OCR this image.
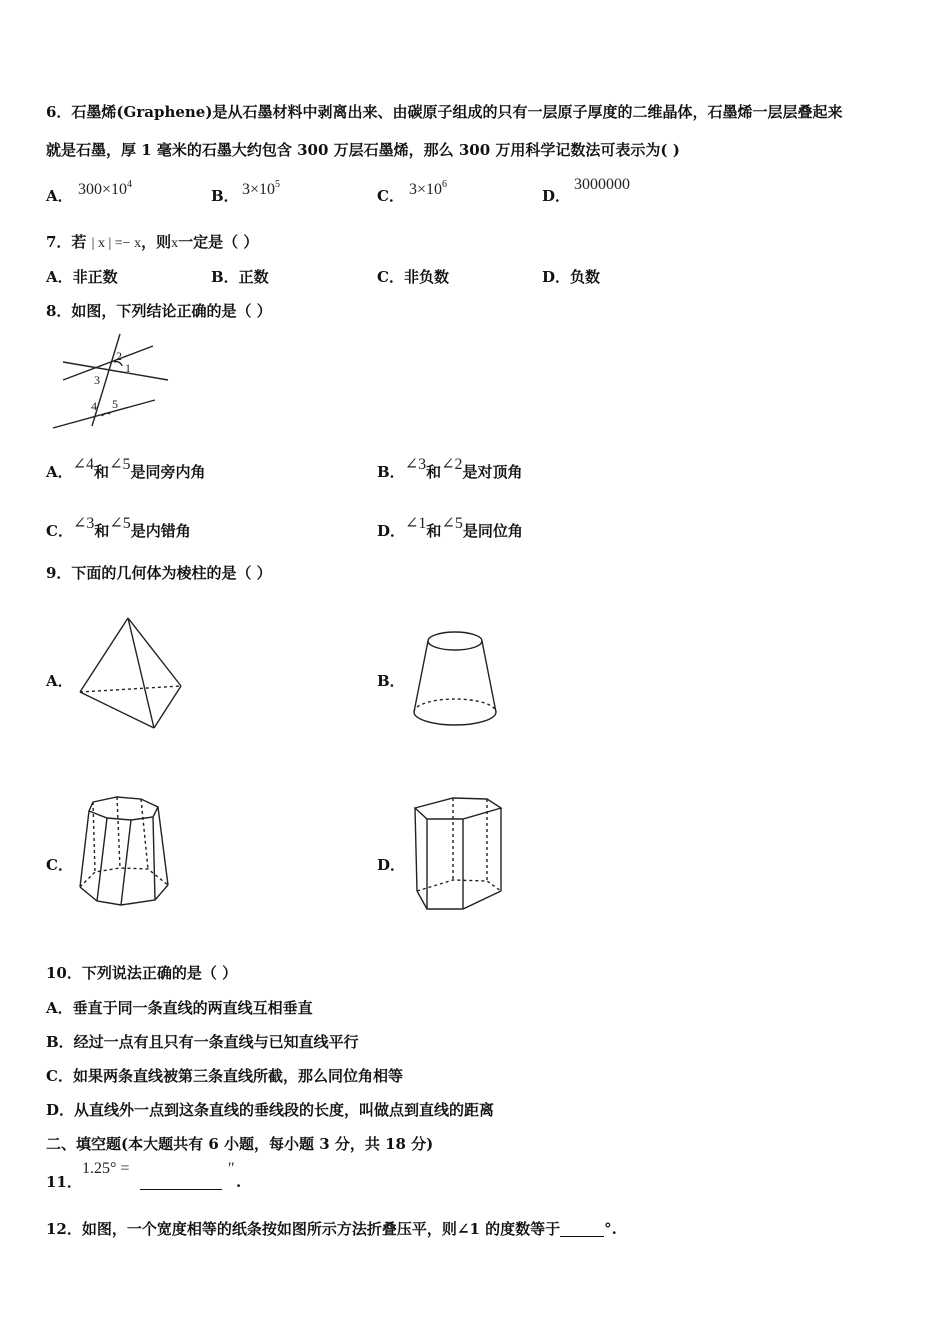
6．石墨烯(Graphene)是从石墨材料中剥离出来、由碳原子组成的只有一层原子厚度的二维晶体，石墨烯一层层叠起来
就是石墨，厚 1 毫米的石墨大约包含 300 万层石墨烯，那么 300 万用科学记数法可表示为( )
A． $300\times 10^4$
B． $3\times 10^5$
C． $3\times 10^6$
D．
3000000
7．若 | x | =− x，则x一定是（ ）
A．非正数	B．正数	C．非负数	D．负数
8．如图，下列结论正确的是（ ）
2
1
3
4 5
A．∠4和∠5是同旁内角	B．∠3和∠2是对顶角
C．∠3和∠5是内错角	D．∠1和∠5是同位角
9．下面的几何体为棱柱的是（ ）
A．	B．
C．	D．
10．下列说法正确的是（ ）
A．垂直于同一条直线的两直线互相垂直
B．经过一点有且只有一条直线与已知直线平行
C．如果两条直线被第三条直线所截，那么同位角相等
D．从直线外一点到这条直线的垂线段的长度，叫做点到直线的距离
二、填空题(本大题共有 6 小题，每小题 3 分，共 18 分)
11．
1.25° =	″
.
12．如图，一个宽度相等的纸条按如图所示方法折叠压平，则∠1 的度数等于	°.
